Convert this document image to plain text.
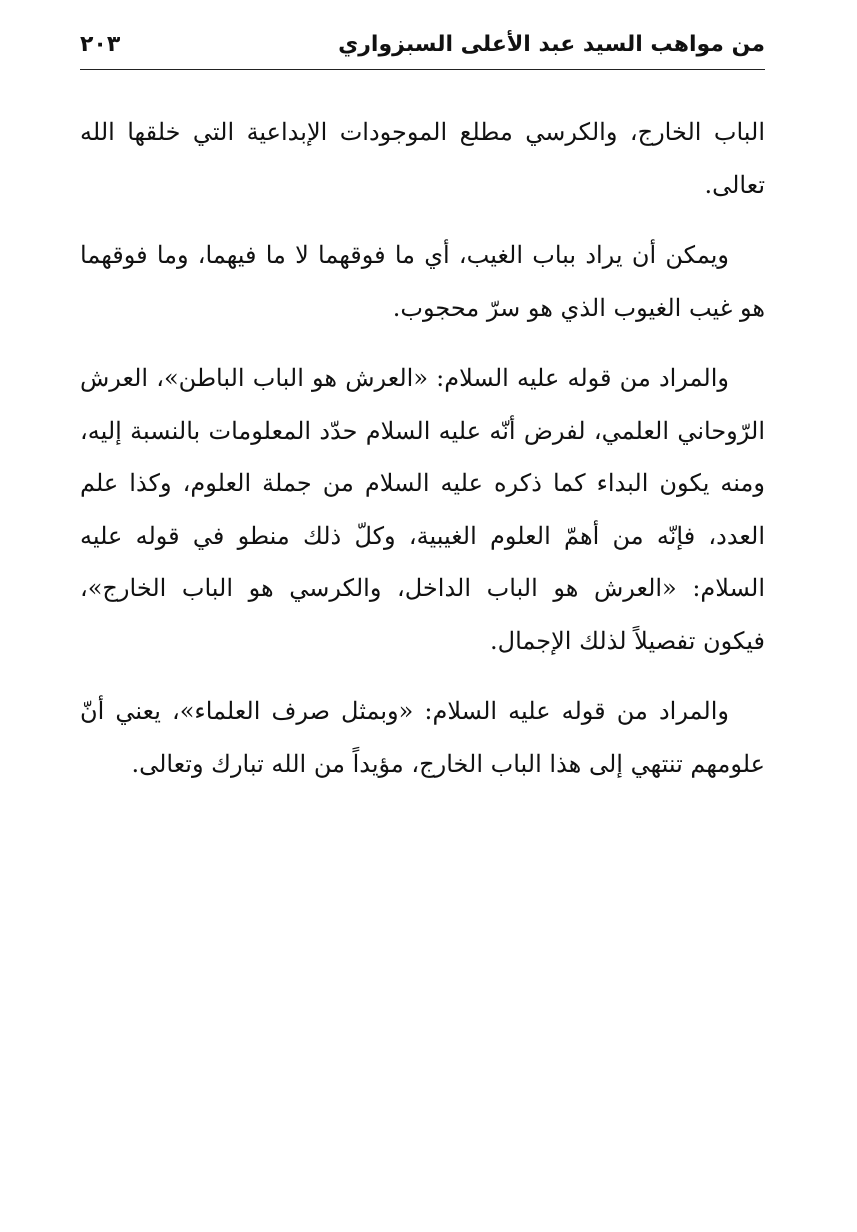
من مواهب السيد عبد الأعلى السبزواري
٢٠٣

الباب الخارج، والكرسي مطلع الموجودات الإبداعية التي خلقها الله تعالى.

ويمكن أن يراد بباب الغيب، أي ما فوقهما لا ما فيهما، وما فوقهما هو غيب الغيوب الذي هو سرّ محجوب.

والمراد من قوله عليه السلام: «العرش هو الباب الباطن»، العرش الرّوحاني العلمي، لفرض أنّه عليه السلام حدّد المعلومات بالنسبة إليه، ومنه يكون البداء كما ذكره عليه السلام من جملة العلوم، وكذا علم العدد، فإنّه من أهمّ العلوم الغيبية، وكلّ ذلك منطو في قوله عليه السلام: «العرش هو الباب الداخل، والكرسي هو الباب الخارج»، فيكون تفصيلاً لذلك الإجمال.

والمراد من قوله عليه السلام: «وبمثل صرف العلماء»، يعني أنّ علومهم تنتهي إلى هذا الباب الخارج، مؤيداً من الله تبارك وتعالى.
